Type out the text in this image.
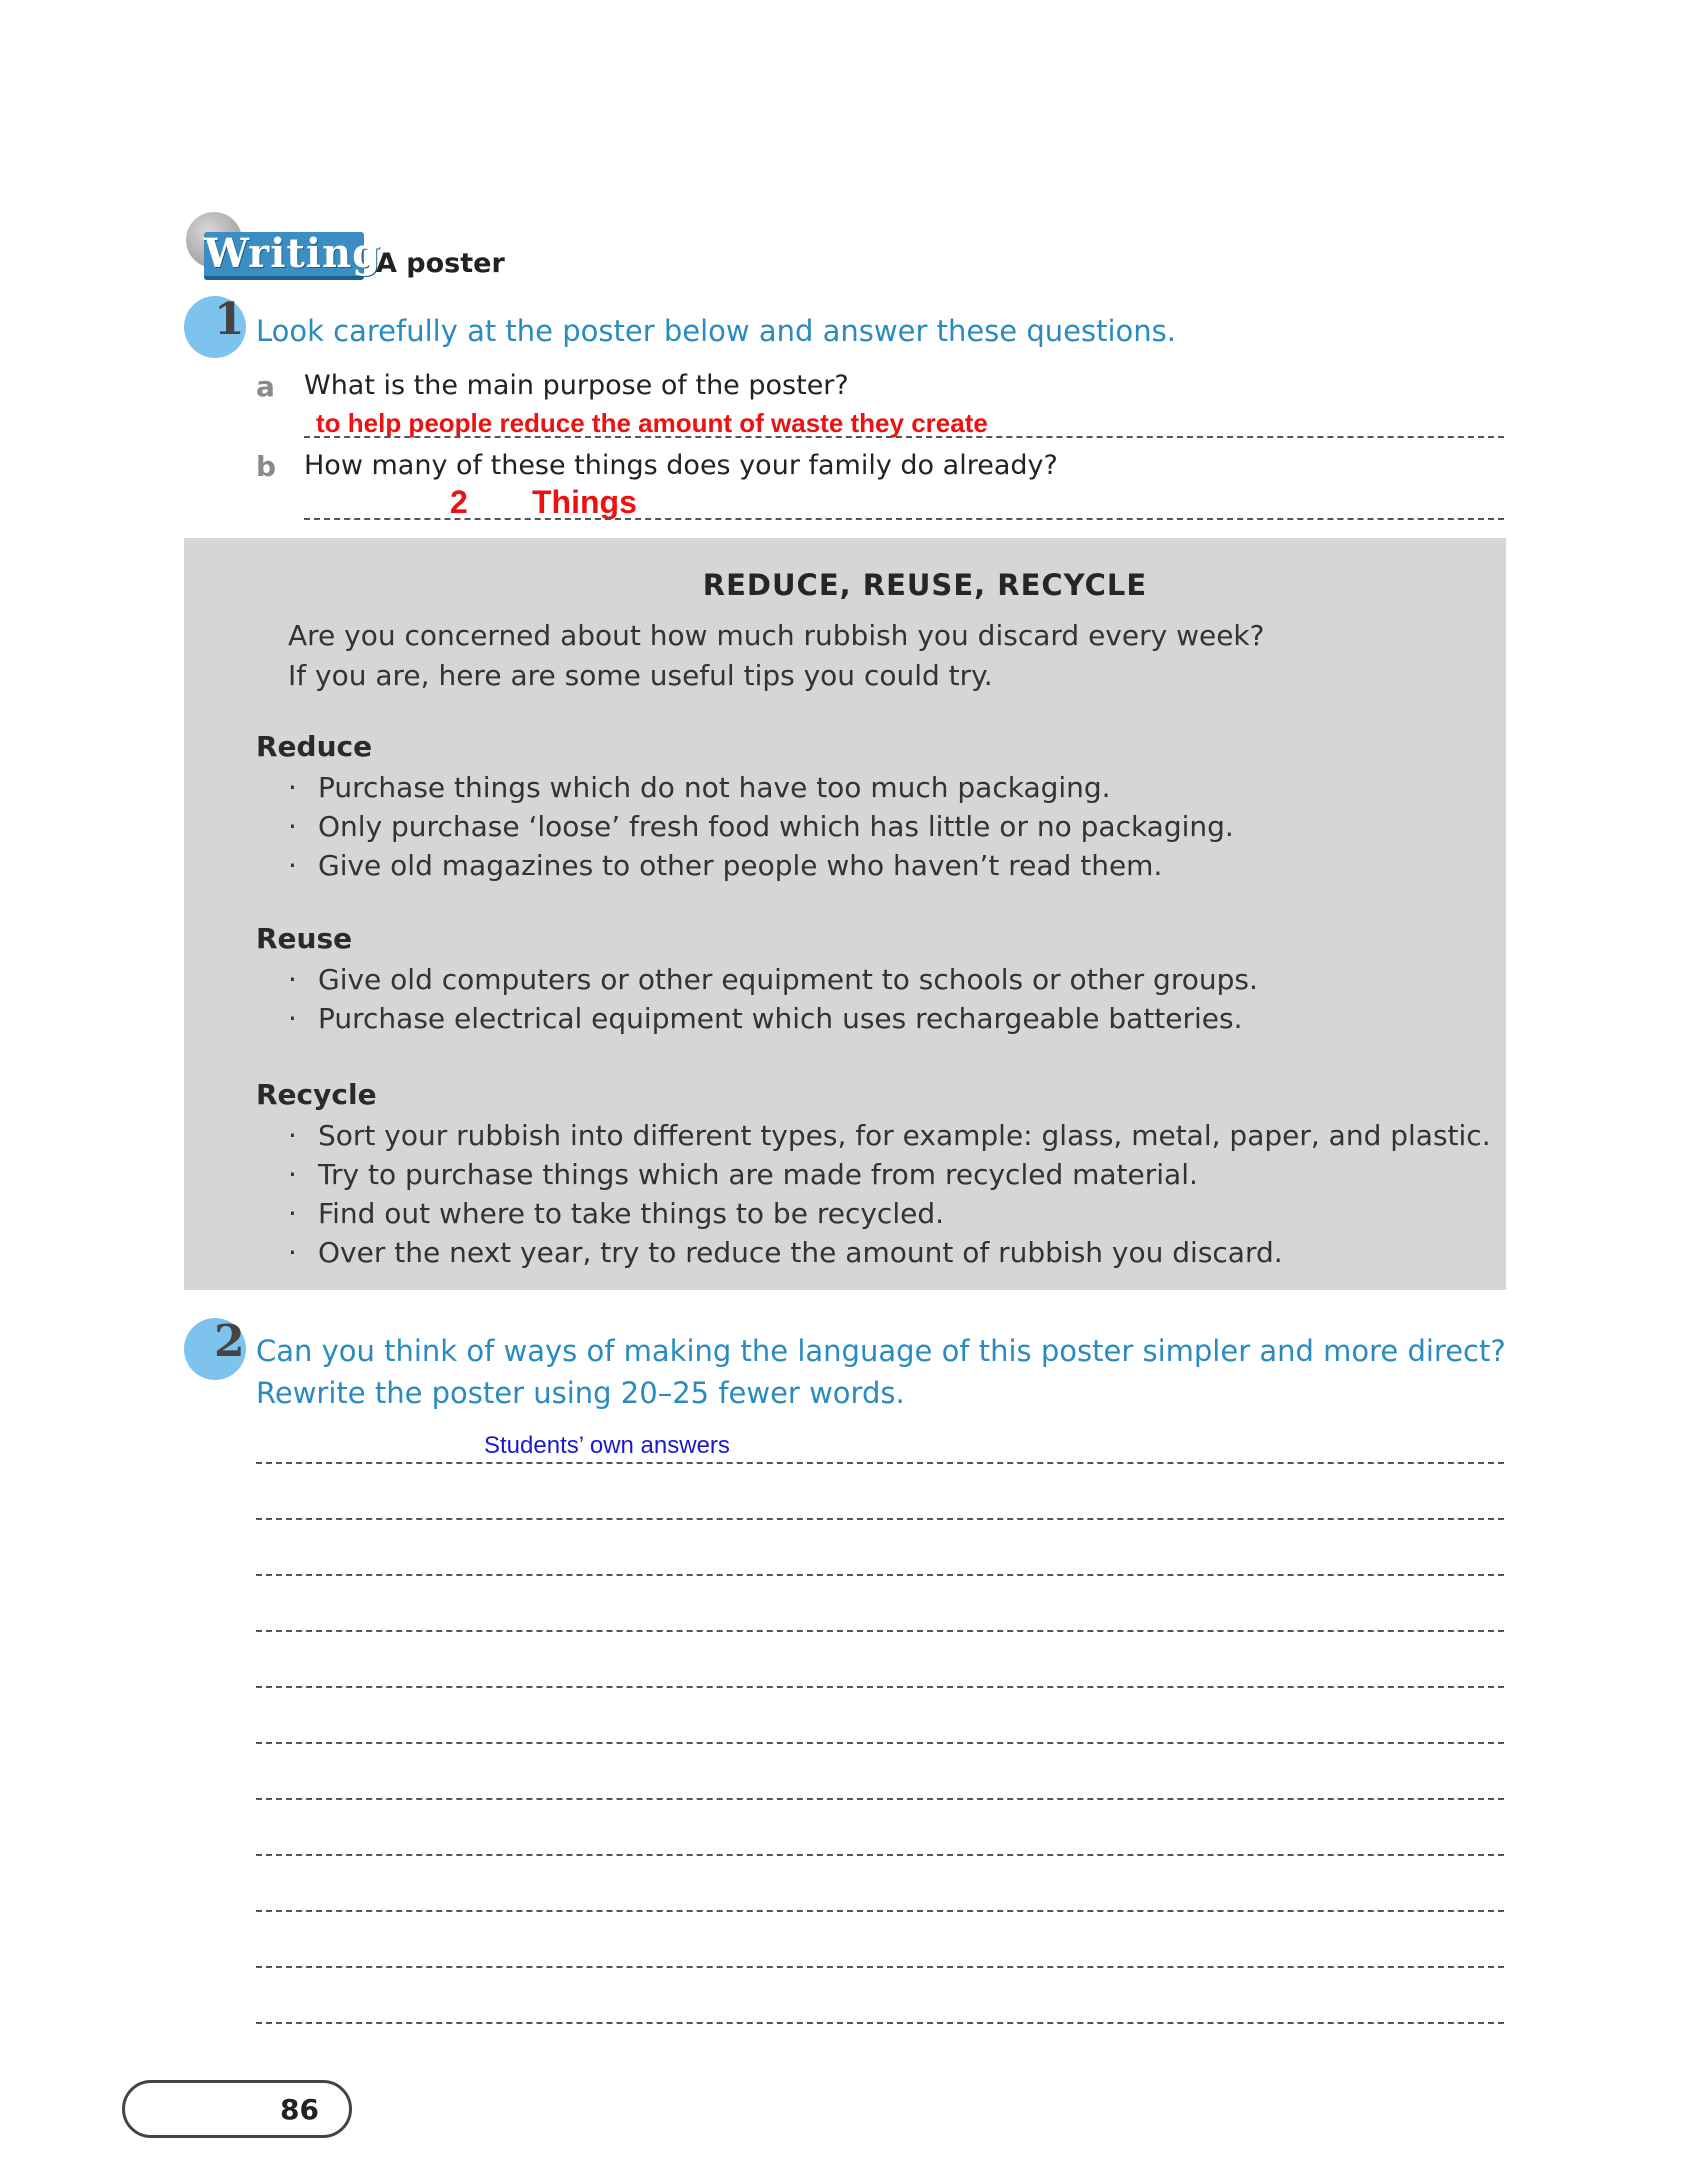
Writing
A poster
1 Look carefully at the poster below and answer these questions.
a What is the main purpose of the poster?
to help people reduce the amount of waste they create
b How many of these things does your family do already?
2 Things
REDUCE, REUSE, RECYCLE
Are you concerned about how much rubbish you discard every week?
If you are, here are some useful tips you could try.
Reduce
· Purchase things which do not have too much packaging.
· Only purchase ‘loose’ fresh food which has little or no packaging.
· Give old magazines to other people who haven’t read them.
Reuse
· Give old computers or other equipment to schools or other groups.
· Purchase electrical equipment which uses rechargeable batteries.
Recycle
· Sort your rubbish into different types, for example: glass, metal, paper, and plastic.
· Try to purchase things which are made from recycled material.
· Find out where to take things to be recycled.
· Over the next year, try to reduce the amount of rubbish you discard.
2 Can you think of ways of making the language of this poster simpler and more direct?
Rewrite the poster using 20–25 fewer words.
Students’ own answers
86
